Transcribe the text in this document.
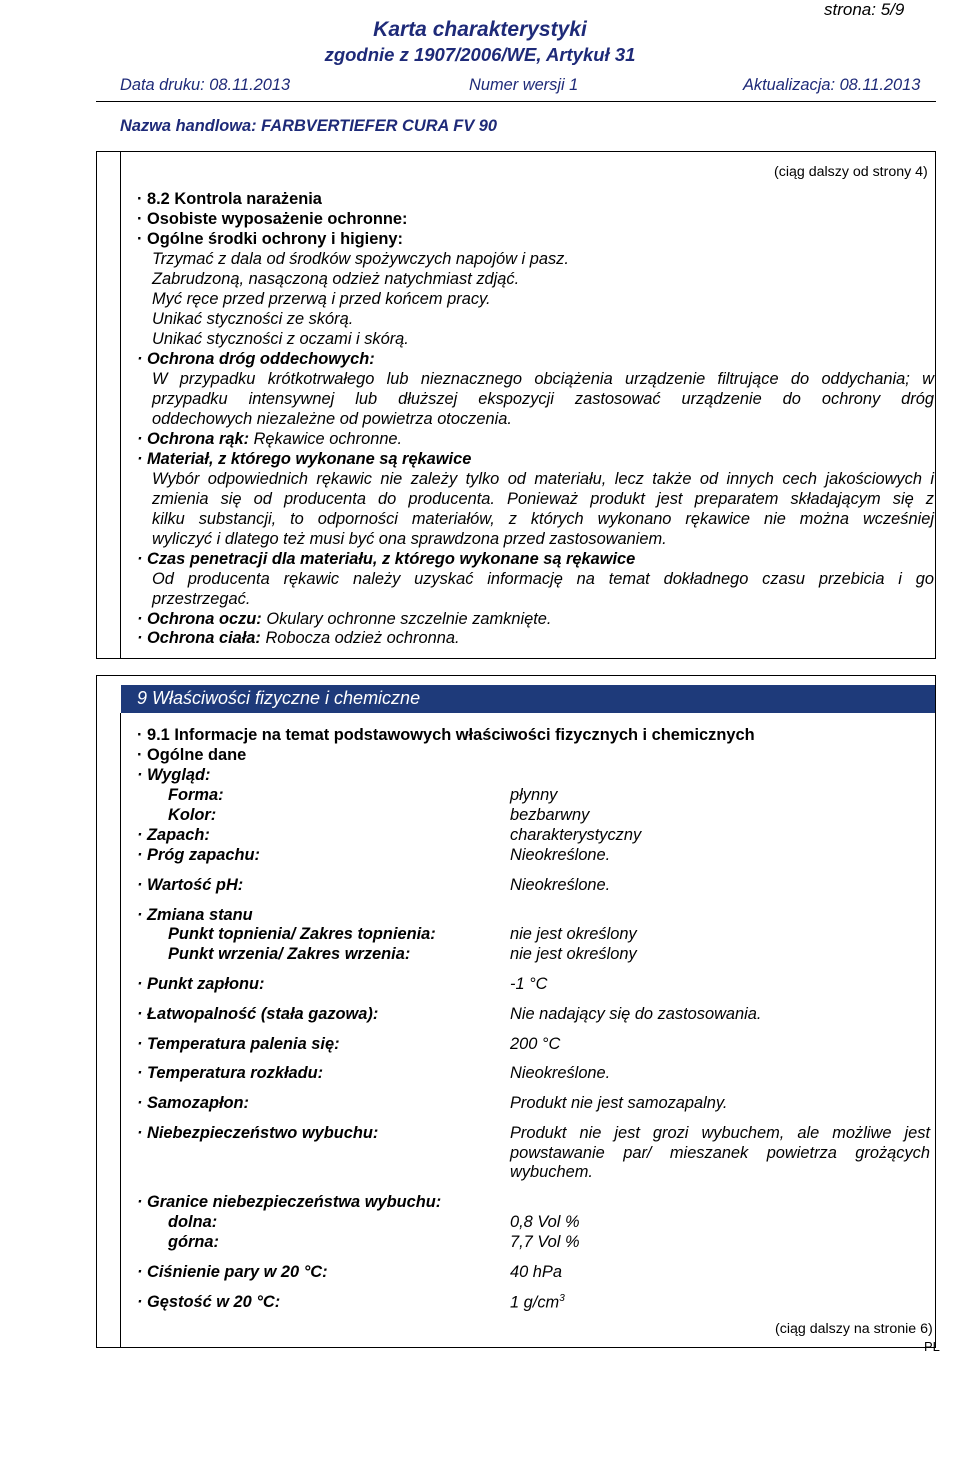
strona: 5/9
Karta charakterystyki
zgodnie z 1907/2006/WE, Artykuł 31
Data druku: 08.11.2013	Numer wersji 1	Aktualizacja: 08.11.2013
Nazwa handlowa: FARBVERTIEFER CURA FV 90
(ciąg dalszy od strony 4)
· 8.2 Kontrola narażenia
· Osobiste wyposażenie ochronne:
· Ogólne środki ochrony i higieny:
Trzymać z dala od środków spożywczych napojów i pasz.
Zabrudzoną, nasączoną odzież natychmiast zdjąć.
Myć ręce przed przerwą i przed końcem pracy.
Unikać styczności ze skórą.
Unikać styczności z oczami i skórą.
· Ochrona dróg oddechowych:
W przypadku krótkotrwałego lub nieznacznego obciążenia urządzenie filtrujące do oddychania; w
przypadku intensywnej lub dłuższej ekspozycji zastosować urządzenie do ochrony dróg
oddechowych niezależne od powietrza otoczenia.
· Ochrona rąk: Rękawice ochronne.
· Materiał, z którego wykonane są rękawice
Wybór odpowiednich rękawic nie zależy tylko od materiału, lecz także od innych cech jakościowych i
zmienia się od producenta do producenta. Ponieważ produkt jest preparatem składającym się z
kilku substancji, to odporności materiałów, z których wykonano rękawice nie można wcześniej
wyliczyć i dlatego też musi być ona sprawdzona przed zastosowaniem.
· Czas penetracji dla materiału, z którego wykonane są rękawice
Od producenta rękawic należy uzyskać informację na temat dokładnego czasu przebicia i go
przestrzegać.
· Ochrona oczu: Okulary ochronne szczelnie zamknięte.
· Ochrona ciała: Robocza odzież ochronna.
9 Właściwości fizyczne i chemiczne
· 9.1 Informacje na temat podstawowych właściwości fizycznych i chemicznych
· Ogólne dane
· Wygląd:
Forma:	płynny
Kolor:	bezbarwny
· Zapach:	charakterystyczny
· Próg zapachu:	Nieokreślone.
· Wartość pH:	Nieokreślone.
· Zmiana stanu
Punkt topnienia/ Zakres topnienia:	nie jest określony
Punkt wrzenia/ Zakres wrzenia:	nie jest określony
· Punkt zapłonu:	-1 °C
· Łatwopalność (stała gazowa):	Nie nadający się do zastosowania.
· Temperatura palenia się:	200 °C
· Temperatura rozkładu:	Nieokreślone.
· Samozapłon:	Produkt nie jest samozapalny.
· Niebezpieczeństwo wybuchu:	Produkt nie jest grozi wybuchem, ale możliwe jest
powstawanie par/ mieszanek powietrza grożących
wybuchem.
· Granice niebezpieczeństwa wybuchu:
dolna:	0,8 Vol %
górna:	7,7 Vol %
· Ciśnienie pary w 20 °C:	40 hPa
· Gęstość w 20 °C:	1 $g/cm^3$
(ciąg dalszy na stronie 6)
PL
